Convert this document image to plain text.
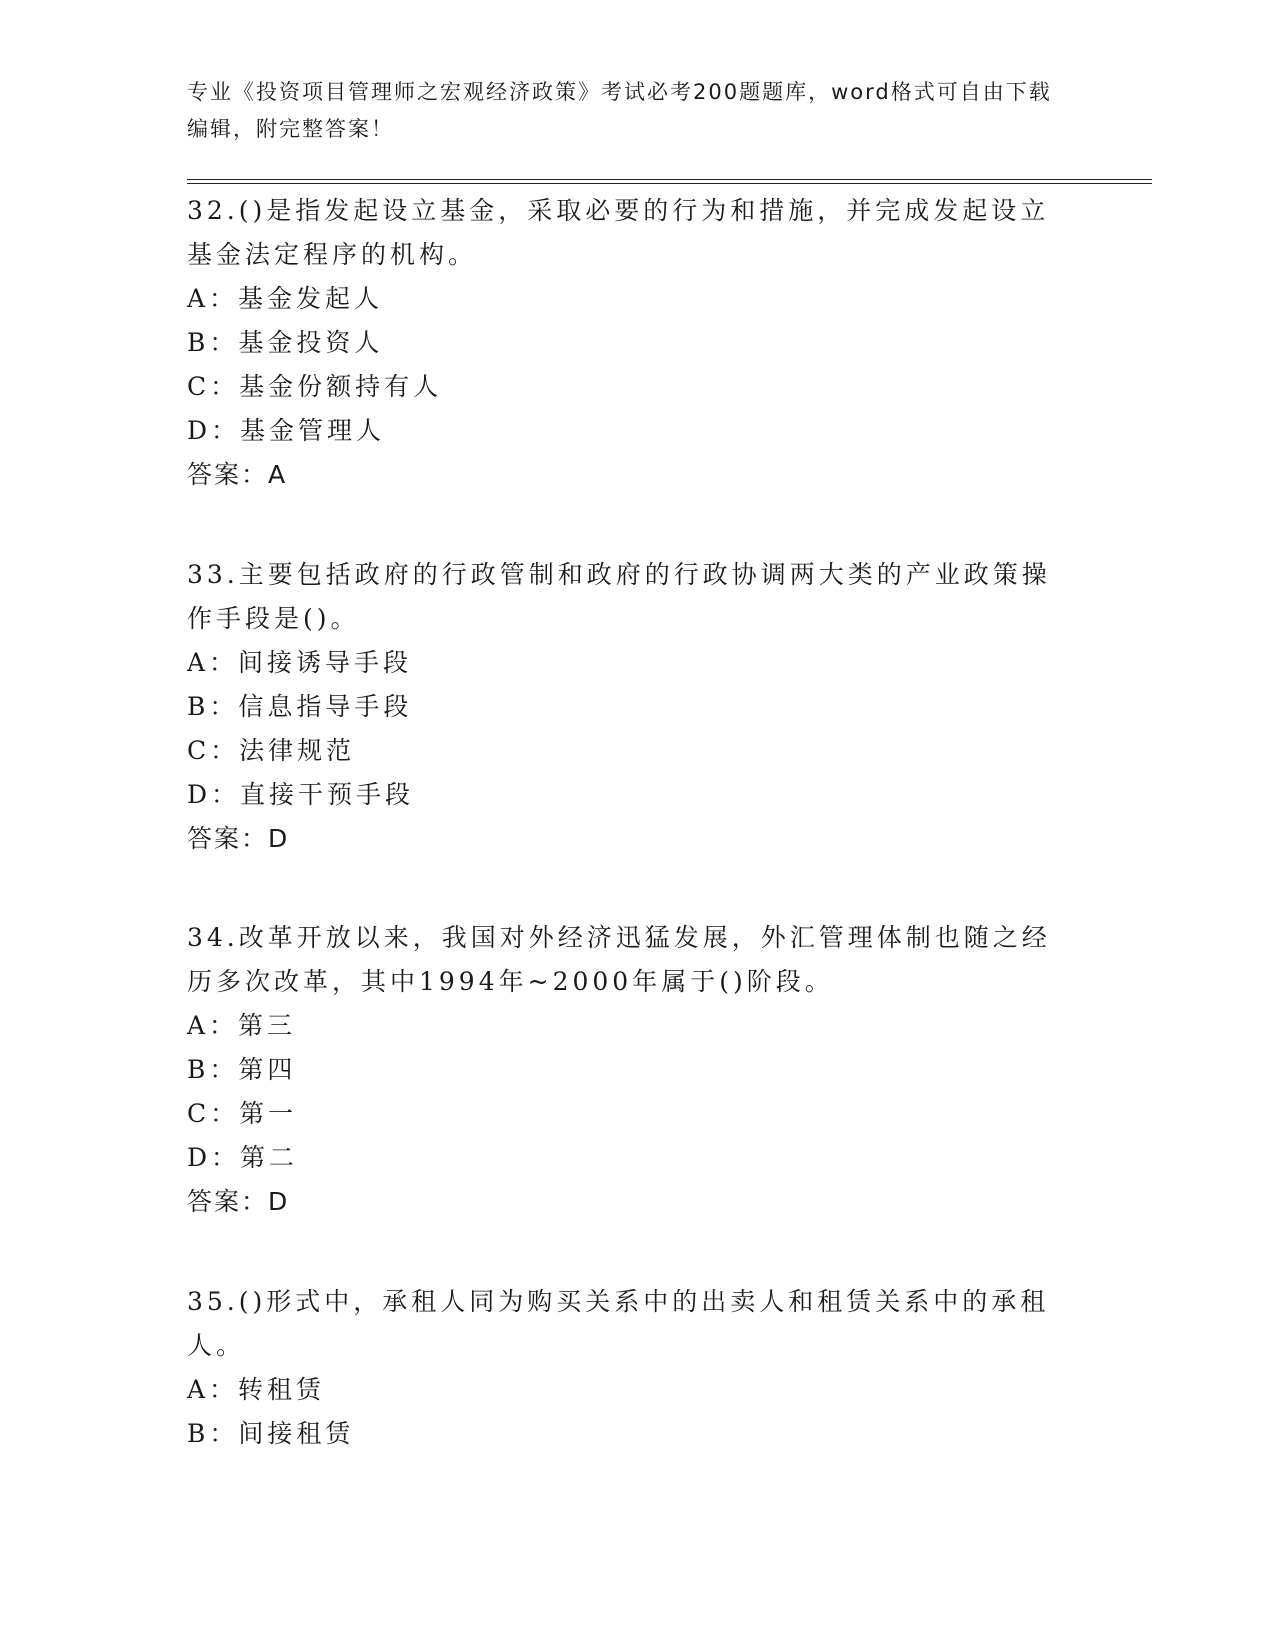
专业《投资项目管理师之宏观经济政策》考试必考200题题库，word格式可自由下载编辑，附完整答案！

32.()是指发起设立基金，采取必要的行为和措施，并完成发起设立基金法定程序的机构。

A：基金发起人

B：基金投资人

C：基金份额持有人

D：基金管理人

答案：A

33.主要包括政府的行政管制和政府的行政协调两大类的产业政策操作手段是()。

A：间接诱导手段

B：信息指导手段

C：法律规范

D：直接干预手段

答案：D

34.改革开放以来，我国对外经济迅猛发展，外汇管理体制也随之经历多次改革，其中1994年~2000年属于()阶段。

A：第三

B：第四

C：第一

D：第二

答案：D

35.()形式中，承租人同为购买关系中的出卖人和租赁关系中的承租人。

A：转租赁

B：间接租赁
